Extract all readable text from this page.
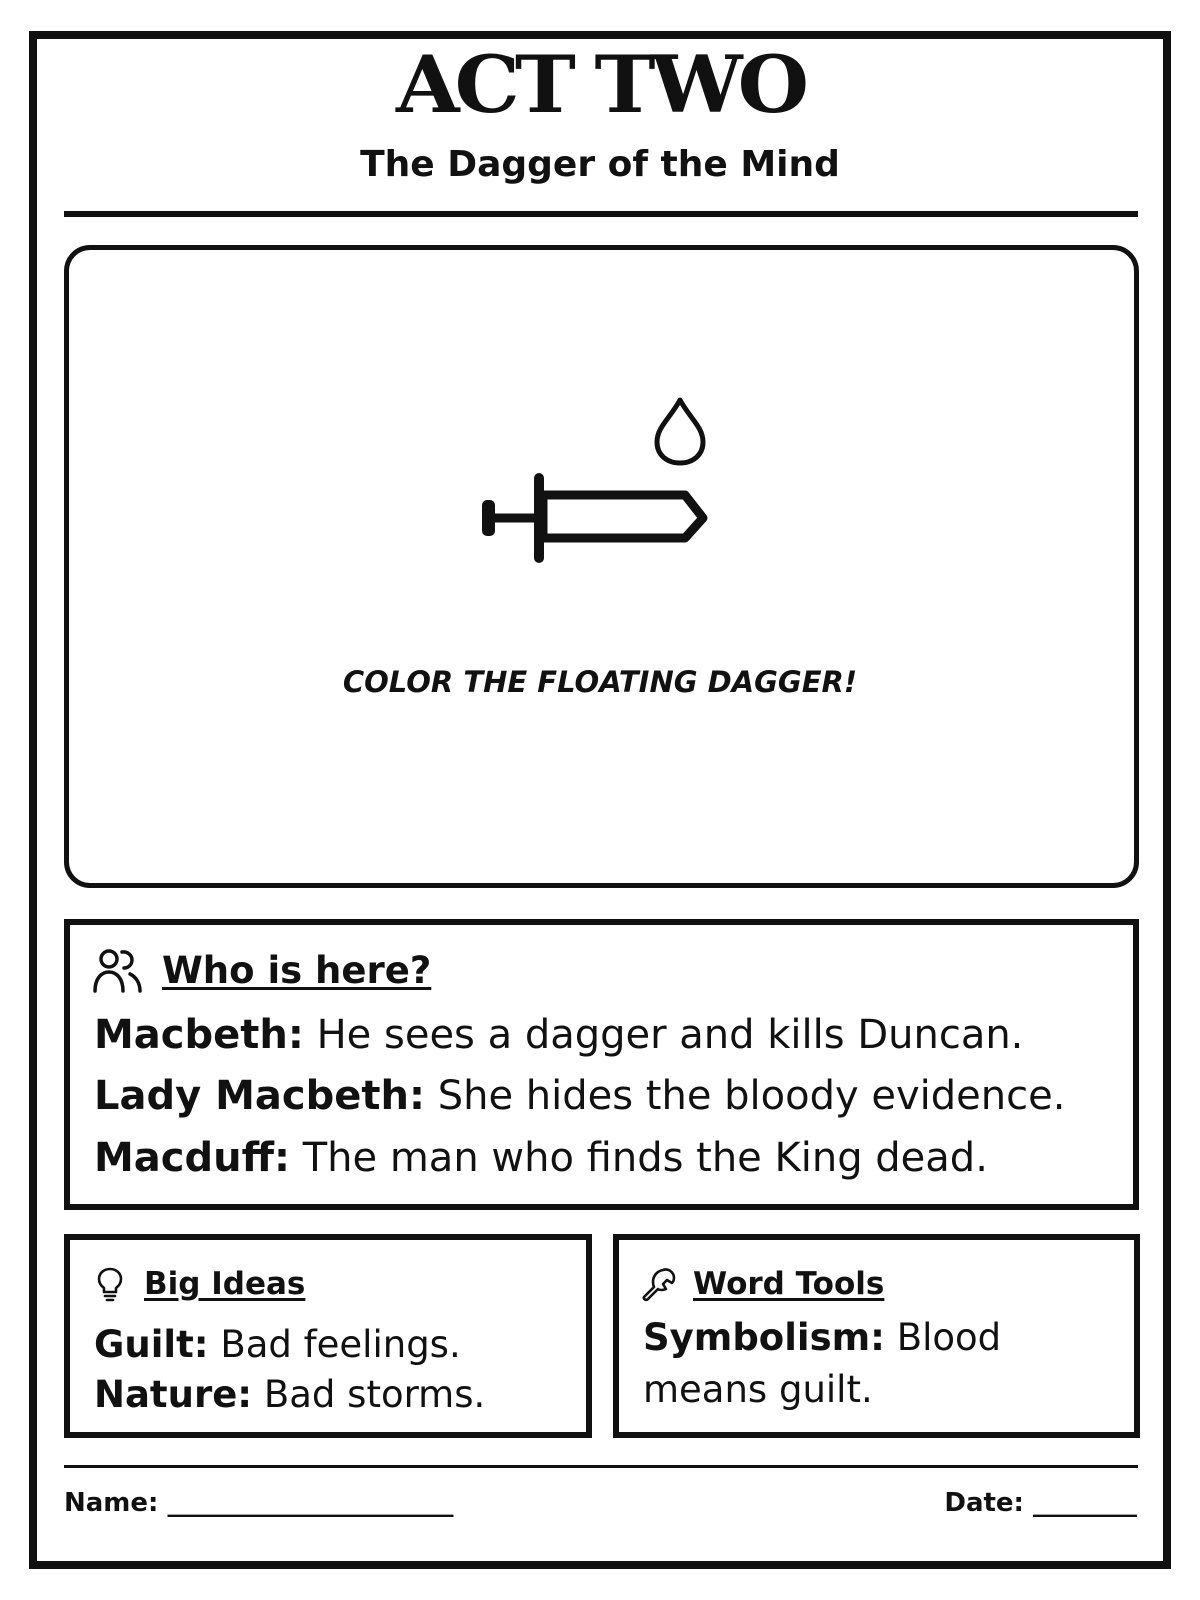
ACT TWO
The Dagger of the Mind
COLOR THE FLOATING DAGGER!
Who is here?
Macbeth: He sees a dagger and kills Duncan.
Lady Macbeth: She hides the bloody evidence.
Macduff: The man who finds the King dead.
Big Ideas
Guilt: Bad feelings.
Nature: Bad storms.
Word Tools
Symbolism: Blood means guilt.
Name: ______________________	Date: ________
